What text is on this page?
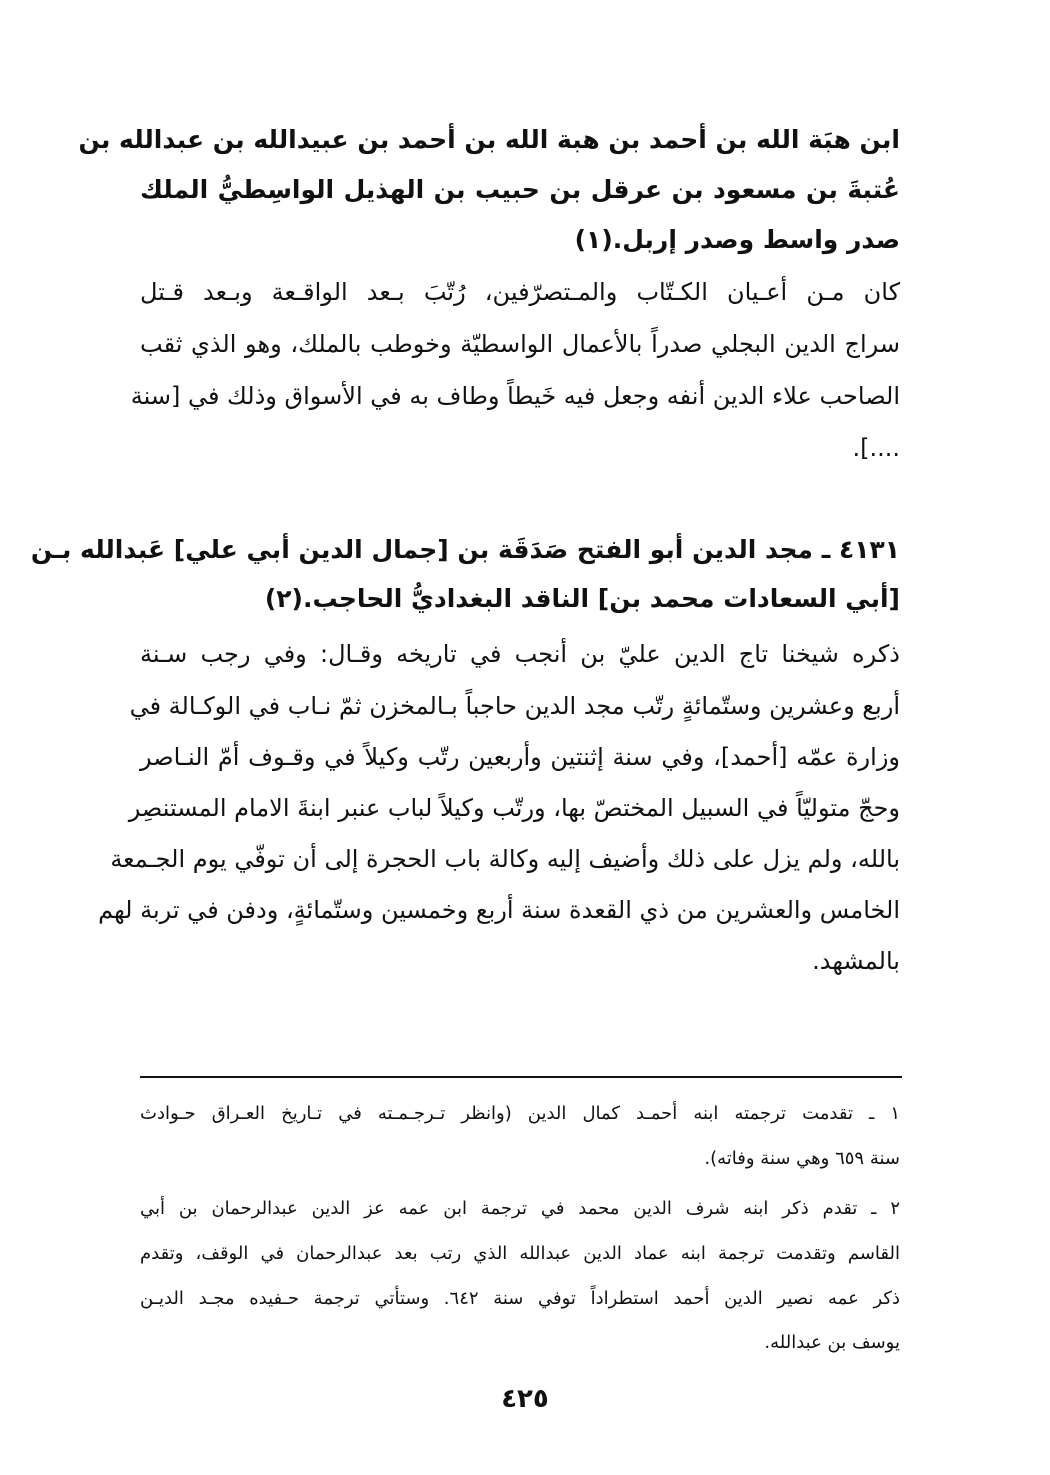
ابن هبَة الله بن أحمد بن هبة الله بن أحمد بن عبيدالله بن عبدالله بن
عُتبةَ بن مسعود بن عرقل بن حبيب بن الهذيل الواسِطيُّ الملك
صدر واسط وصدر إربل.(١)
كان مـن أعـيان الكـتّاب والمـتصرّفين، رُتّبَ بـعد الواقـعة وبـعد قـتل
سراج الدين البجلي صدراً بالأعمال الواسطيّة وخوطب بالملك، وهو الذي ثقب
الصاحب علاء الدين أنفه وجعل فيه خَيطاً وطاف به في الأسواق وذلك في [سنة
....].
٤١٣١ ـ مجد الدين أبو الفتح صَدَقَة بن [جمال الدين أبي علي] عَبدالله بـن
[أبي السعادات محمد بن] الناقد البغداديُّ الحاجب.(٢)
ذكره شيخنا تاج الدين عليّ بن أنجب في تاريخه وقـال: وفي رجب سـنة
أربع وعشرين وستّمائةٍ رتّب مجد الدين حاجباً بـالمخزن ثمّ نـاب في الوكـالة في
وزارة عمّه [أحمد]، وفي سنة إثنتين وأربعين رتّب وكيلاً في وقـوف أمّ النـاصر
وحجّ متوليّاً في السبيل المختصّ بها، ورتّب وكيلاً لباب عنبر ابنةَ الامام المستنصِر
بالله، ولم يزل على ذلك وأضيف إليه وكالة باب الحجرة إلى أن توفّي يوم الجـمعة
الخامس والعشرين من ذي القعدة سنة أربع وخمسين وستّمائةٍ، ودفن في تربة لهم
بالمشهد.
١ ـ تقدمت ترجمته ابنه أحمـد كمال الدين (وانظر تـرجـمـته في تـاريخ العـراق حـوادث
سنة ٦٥٩ وهي سنة وفاته).
٢ ـ تقدم ذكر ابنه شرف الدين محمد في ترجمة ابن عمه عز الدين عبدالرحمان بن أبي
القاسم وتقدمت ترجمة ابنه عماد الدين عبدالله الذي رتب بعد عبدالرحمان في الوقف، وتقدم
ذكر عمه نصير الدين أحمد استطراداً توفي سنة ٦٤٢. وستأتي ترجمة حـفيده مجـد الديـن
يوسف بن عبدالله.
٤٢٥
